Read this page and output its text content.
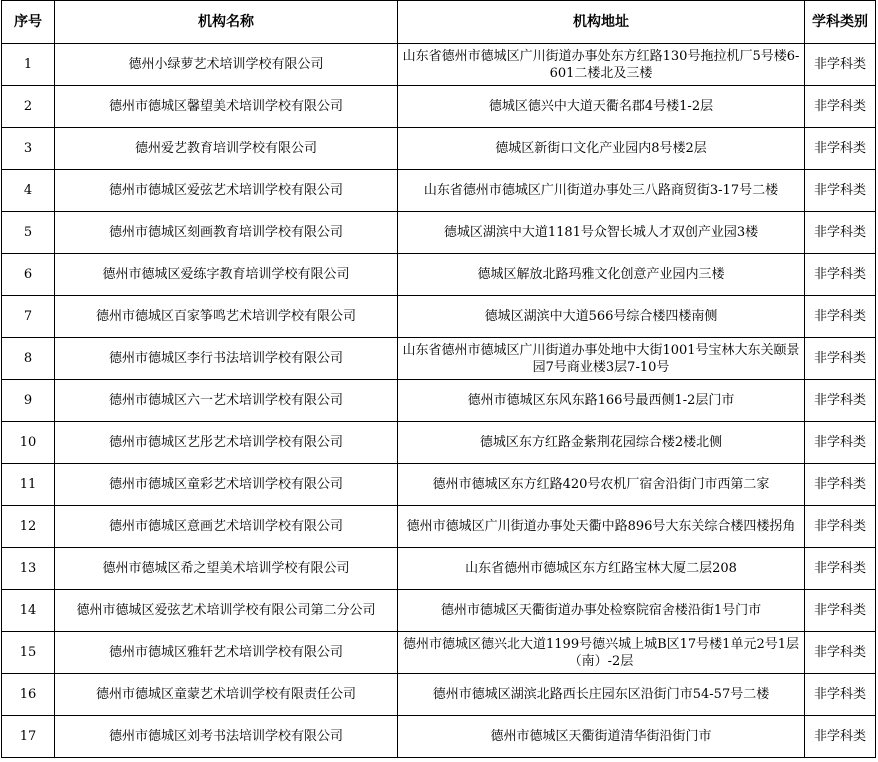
序号	机构名称	机构地址	学科类别
1	德州小绿萝艺术培训学校有限公司	山东省德州市德城区广川街道办事处东方红路130号拖拉机厂5号楼6-601二楼北及三楼	非学科类
2	德州市德城区馨望美术培训学校有限公司	德城区德兴中大道天衢名郡4号楼1-2层	非学科类
3	德州爱艺教育培训学校有限公司	德城区新街口文化产业园内8号楼2层	非学科类
4	德州市德城区爱弦艺术培训学校有限公司	山东省德州市德城区广川街道办事处三八路商贸街3-17号二楼	非学科类
5	德州市德城区刻画教育培训学校有限公司	德城区湖滨中大道1181号众智长城人才双创产业园3楼	非学科类
6	德州市德城区爱练字教育培训学校有限公司	德城区解放北路玛雅文化创意产业园内三楼	非学科类
7	德州市德城区百家筝鸣艺术培训学校有限公司	德城区湖滨中大道566号综合楼四楼南侧	非学科类
8	德州市德城区李行书法培训学校有限公司	山东省德州市德城区广川街道办事处地中大街1001号宝林大东关颐景园7号商业楼3层7-10号	非学科类
9	德州市德城区六一艺术培训学校有限公司	德州市德城区东风东路166号最西侧1-2层门市	非学科类
10	德州市德城区艺彤艺术培训学校有限公司	德城区东方红路金紫荆花园综合楼2楼北侧	非学科类
11	德州市德城区童彩艺术培训学校有限公司	德州市德城区东方红路420号农机厂宿舍沿街门市西第二家	非学科类
12	德州市德城区意画艺术培训学校有限公司	德州市德城区广川街道办事处天衢中路896号大东关综合楼四楼拐角	非学科类
13	德州市德城区希之望美术培训学校有限公司	山东省德州市德城区东方红路宝林大厦二层208	非学科类
14	德州市德城区爱弦艺术培训学校有限公司第二分公司	德州市德城区天衢街道办事处检察院宿舍楼沿街1号门市	非学科类
15	德州市德城区雅轩艺术培训学校有限公司	德州市德城区德兴北大道1199号德兴城上城B区17号楼1单元2号1层（南）-2层	非学科类
16	德州市德城区童蒙艺术培训学校有限责任公司	德州市德城区湖滨北路西长庄园东区沿街门市54-57号二楼	非学科类
17	德州市德城区刘考书法培训学校有限公司	德州市德城区天衢街道清华街沿街门市	非学科类
